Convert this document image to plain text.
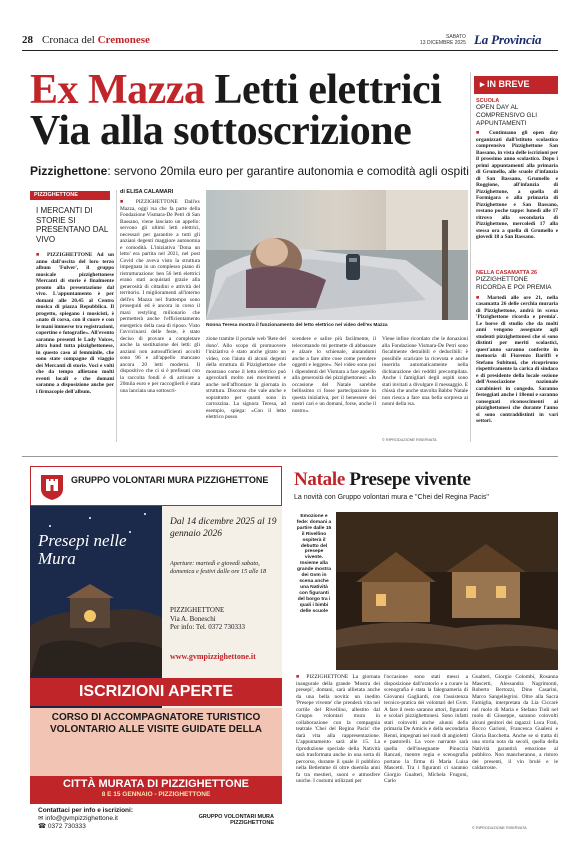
28 Cronaca del Cremonese	SABATO
13 DICEMBRE 2025 La Provincia
Ex Mazza Letti elettrici
Via alla sottoscrizione
Pizzighettone: servono 20mila euro per garantire autonomia e comodità agli ospiti
▸ IN BREVE
SCUOLA
OPEN DAY AL COMPRENSIVO GLI APPUNTAMENTI
■ Continuano gli open day organizzati dall'istituto scolastico comprensivo Pizzighettone San Bassano, in vista delle iscrizioni per il prossimo anno scolastico. Dopo i primi appuntamenti alla primaria di Grumello, alle scuole d'infanzia di San Bassano, Grumello e Roggione, all'infanzia di Pizzighettone, a quella di Formigara e alla primaria di Pizzighettone e San Bassano, restano poche tappe: lunedì alle 17 ritrovo alla secondaria di Pizzighettone, mercoledì 17 alla stessa ora a quella di Grumello e giovedì 18 a San Bassano.
NELLA CASAMATTA 26
PIZZIGHETTONE RICORDA E POI PREMIA
■ Martedì alle ore 21, nella casamatta 26 delle cerchia muraria di Pizzighettone, andrà in scena 'Pizzighettone ricorda e premia'. Le borse di studio che da molti anni vengono assegnate agli studenti pizzighettonesi che si sono distinti per meriti scolastici, quest'anno saranno conferite in memoria di Fiorenzo Bariffi e Stefano Subitoni, che ricoprirono rispettivamente la carica di sindaco e di presidente della locale sezione dell'Associazione nazionale carabinieri in congedo. Saranno festeggiati anche i 18enni e saranno consegnati riconoscimenti ai pizzighettonesi che durante l'anno si sono contraddistinti in vari settori.
PIZZIGHETTONE
I MERCANTI DI STORIE SI PRESENTANO DAL VIVO
■ PIZZIGHETTONE Ad un anno dall'uscita del loro terzo album 'Fulver', il gruppo musicale pizzighettonese Mercanti di storie è finalmente pronto alla presentazione dal vivo. L'appuntamento è per domani alle 20.45 al Centro musica di piazza Repubblica. Il progetto, spiegano i musicisti, è «nato di corsa, con il cuore e con le mani immerse tra registrazioni, copertine e fotografie». All'evento saranno presenti le Lady Voices, altra band tutta pizzighettonese, in questo caso al femminile, che sono state compagne di viaggio dei Mercanti di storie. Voci e volti che da tempo allietano molti eventi locali e che domani saranno a disposizione anche per i firmacopie dell'album.
di ELISA CALAMARI
■ PIZZIGHETTONE Dall'ex Mazza, oggi rsa che fa parte della Fondazione Vismara-De Petri di San Bassano, viene lanciato un appello: servono gli ultimi letti elettrici, necessari per garantire a tutti gli anziani degenti maggiore autonomia e comodità. L'iniziativa 'Dona un letto' era partita nel 2021, nel post Covid che aveva visto la struttura impegnata in un complesso piano di ristrutturazione: ben 56 letti elettrici erano stati acquistati grazie alla generosità di cittadini e attività del territorio. I miglioramenti all'interno dell'ex Mazza nel frattempo sono proseguiti ed è ancora in corso il maxi restyling milionario che permetterà anche l'efficientamento energetico della casa di riposo. Visto l'avvicinarsi delle feste, è stato deciso di provare a completare anche la sostituzione dei letti: gli anziani non autosufficienti accolti sono 96 e all'appello mancano ancora 20 letti moderni. Il dispositivo che ci si è prefissati con la raccolta fondi è di arrivare a 20mila euro e per raccoglierli è stata una lanciata una sottoscri-
Nonna Teresa mostra il funzionamento del letto elettrico nel video dell'ex Mazza
zione tramite il portale web 'Rete del dono'. Allo scopo di promuovere l'iniziativa è stato anche girato un video, con l'aiuto di alcuni degenti della struttura di Pizzighettone che mostrano come il letto elettrico può agevolarli molto nei movimenti e anche nell'affrontare la giornata in struttura. Discorso che vale anche e soprattutto per quanti sono in carrozzina. La signora Teresa, ad esempio, spiega: «Con il letto elettrico posso
scendere e salire più facilmente, il telecomando mi permette di abbassare e alzare lo schienale, aiutandomi anche a fare altre cose come prendere oggetti e leggere». Nel video sono poi i dipendenti del Vismara a fare appello alla generosità dei pizzighettonesi: «In occasione del Natale sarebbe bellissimo ci fosse partecipazione in questa iniziativa, per il benessere dei nostri cari e un domani, forse, anche il nostro».
Viene infine ricordato che le donazioni alla Fondazione Vismara-De Petri sono fiscalmente detraibili e deducibili: è possibile scaricare la ricevuta e anche inserirla automaticamente nella dichiarazione dei redditi precompilata. Anche i famigliari degli ospiti sono stati invitati a divulgare il messaggio. E chissà che anche stavolta Babbo Natale non riesca a fare una bella sorpresa ai nonni della rsa.
© RIPRODUZIONE RISERVATA
GRUPPO VOLONTARI MURA PIZZIGHETTONE
Presepi nelle Mura
Dal 14 dicembre 2025 al 19 gennaio 2026
Aperture: martedì e giovedì sabato, domenica e festivi dalle ore 15 alle 18
PIZZIGHETTONE
Via A. Boneschi
Per info: Tel. 0372 730333
www.gvmpizzighettone.it
ISCRIZIONI APERTE
CORSO DI ACCOMPAGNATORE TURISTICO VOLONTARIO ALLE VISITE GUIDATE DELLA
CITTÀ MURATA DI PIZZIGHETTONE
8 E 15 GENNAIO - PIZZIGHETTONE
Contattaci per info e iscrizioni:
✉ info@gvmpizzighettone.it
☎ 0372 730333
GRUPPO VOLONTARI MURA PIZZIGHETTONE
Natale Presepe vivente
La novità con Gruppo volontari mura e "Chei del Regina Pacis"
Emozione e fede: domani a partire dalle 15 il Rivellino ospiterà il debutto del presepe vivente. Insieme alla grande mostra dei Gvm in scena anche una Natività con figuranti del borgo tra i quali i bimbi delle scuole
■ PIZZIGHETTONE La giornata inaugurale della grande 'Mostra dei presepi', domani, sarà allietata anche da una bella novità: un inedito 'Presepe vivente' che prenderà vita nel cortile del Rivellino, allestito dal Gruppo volontari mura in collaborazione con la compagnia teatrale 'Chei del Regina Pacis' che darà vita alla rappresentazione. L'appuntamento sarà alle 15. La riproduzione speciale della Natività sarà trasformata anche in una sorta di percorso, durante il quale il pubblico nella Betlemme di oltre duemila anni fa tra mestieri, suoni e atmosfere uniche. I costumi utilizzati per
l'occasione sono stati messi a disposizione dall'oratorio e a curare la scenografia è stata la falegnameria di Giovanni Gagliardi, con l'assistenza tecnico-pratica dei volontari del Gvm. A fare il resto saranno attori, figuranti e scolari pizzighettonesi. Sono infatti stati coinvolti anche alunni della primaria De Amicis e della secondaria Renni, impegnati nei ruoli di angioletti e pastorelli. La voce narrante sarà quella dell'insegnante Pinuccia Rancati, mentre regia e scenografia portano la firma di Maria Luisa Mascetti. Tra i figuranti ci saranno Giorgio Gualteri, Michela Frugoni, Carlo
Gualteri, Giorgio Colombi, Rosanna Mascetti, Alessandra Nagrimonti, Roberto Bertozzi, Dino Casarini, Marco Sangellegrini. Oltre alla Sacra Famiglia, interpretata da Lia Ciccarè nel ruolo di Maria e Stefano Tudi nel ruolo di Giuseppe, saranno coinvolti alcuni genitori dei ragazzi: Luca Frati, Rocco Garioni, Francesca Gualeni e Gloria Bacchetta. Anche se si tratta di una storia nota da secoli, quella della Natività garantirà emozione al pubblico. Non mancheranno, a ristoro dei presenti, il vin brulé e le caldarroste.
© RIPRODUZIONE RISERVATA
